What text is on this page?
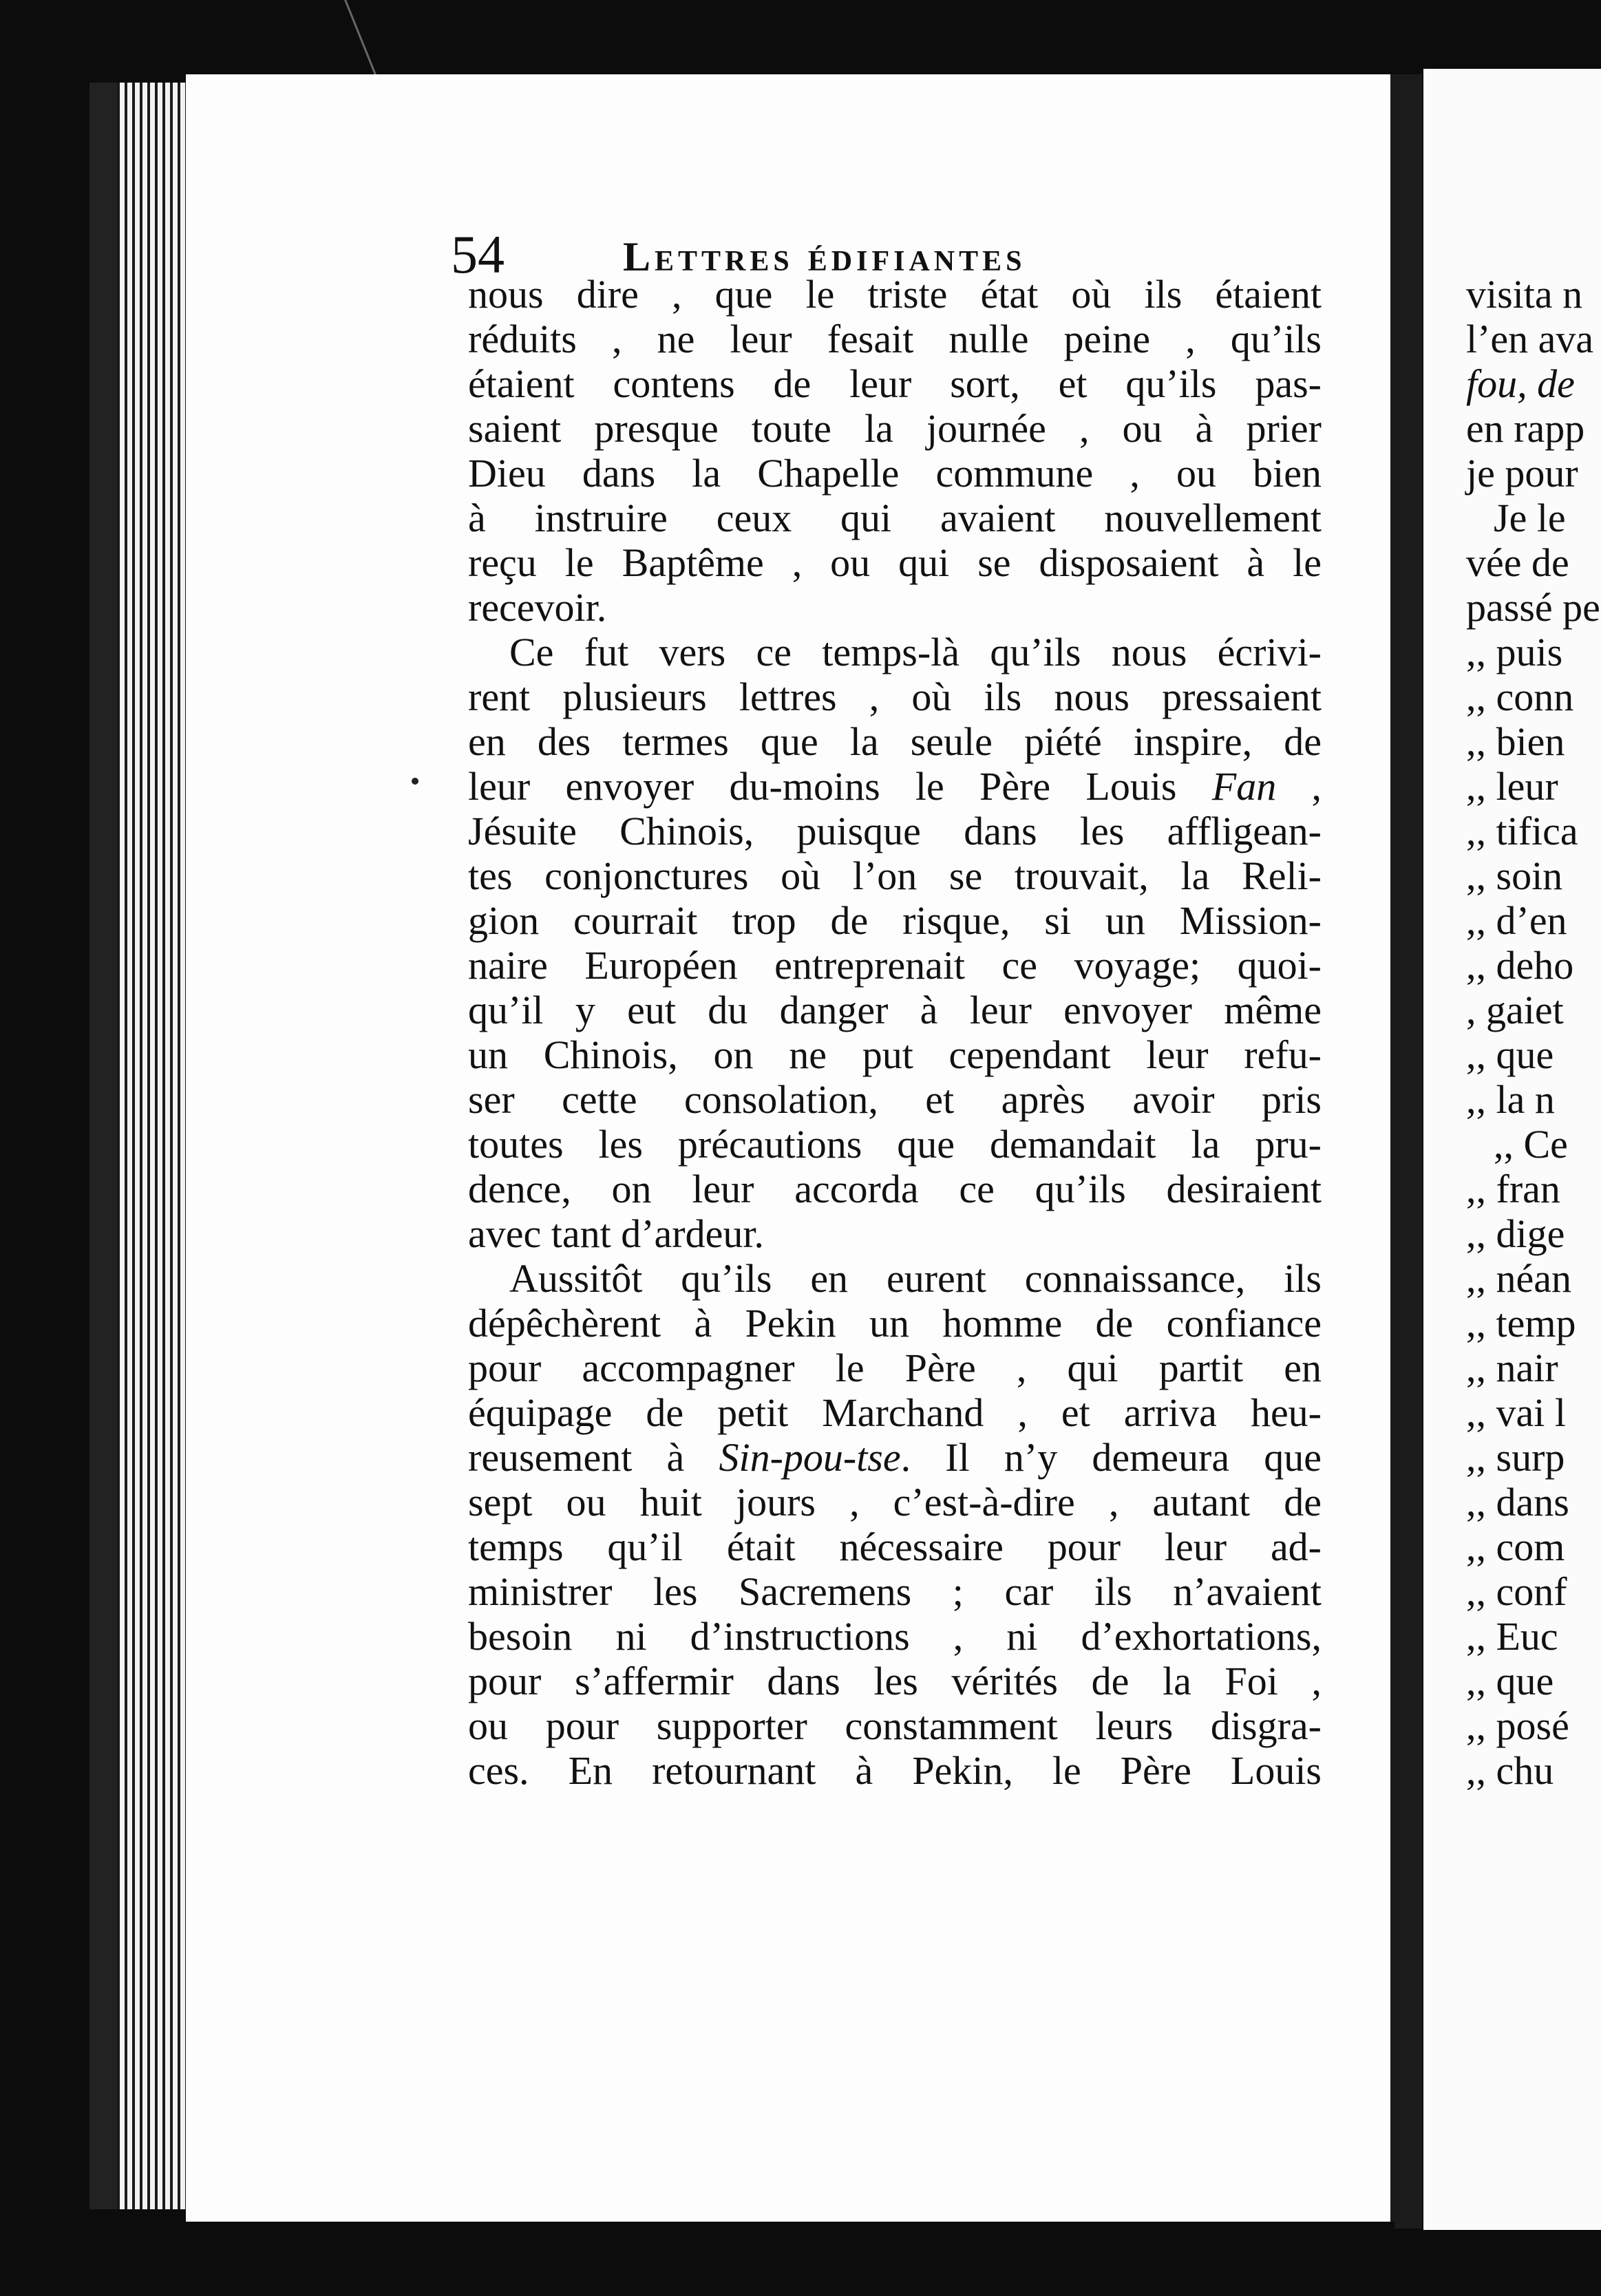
54	Lettres édifiantes
nous dire , que le triste état où ils étaient
réduits , ne leur fesait nulle peine , qu’ils
étaient contens de leur sort, et qu’ils pas-
saient presque toute la journée , ou à prier
Dieu dans la Chapelle commune , ou bien
à instruire ceux qui avaient nouvellement
reçu le Baptême , ou qui se disposaient à le
recevoir.
Ce fut vers ce temps-là qu’ils nous écrivi-
rent plusieurs lettres , où ils nous pressaient
en des termes que la seule piété inspire, de
leur envoyer du-moins le Père Louis Fan ,
Jésuite Chinois, puisque dans les affligean-
tes conjonctures où l’on se trouvait, la Reli-
gion courrait trop de risque, si un Mission-
naire Européen entreprenait ce voyage; quoi-
qu’il y eut du danger à leur envoyer même
un Chinois, on ne put cependant leur refu-
ser cette consolation, et après avoir pris
toutes les précautions que demandait la pru-
dence, on leur accorda ce qu’ils desiraient
avec tant d’ardeur.
Aussitôt qu’ils en eurent connaissance, ils
dépêchèrent à Pekin un homme de confiance
pour accompagner le Père , qui partit en
équipage de petit Marchand , et arriva heu-
reusement à Sin-pou-tse. Il n’y demeura que
sept ou huit jours , c’est-à-dire , autant de
temps qu’il était nécessaire pour leur ad-
ministrer les Sacremens ; car ils n’avaient
besoin ni d’instructions , ni d’exhortations,
pour s’affermir dans les vérités de la Foi ,
ou pour supporter constamment leurs disgra-
ces. En retournant à Pekin, le Père Louis
visita n
l’en ava
fou, de
en rapp
je pour
Je le
vée de
passé pe
,, puis
,, conn
,, bien
,, leur
,, tifica
,, soin
,, d’en
,, deho
, gaiet
,, que
,, la n
,, Ce
,, fran
,, dige
,, néan
,, temp
,, nair
,, vai l
,, surp
,, dans
,, com
,, conf
,, Euc
,, que
,, posé
,, chu
